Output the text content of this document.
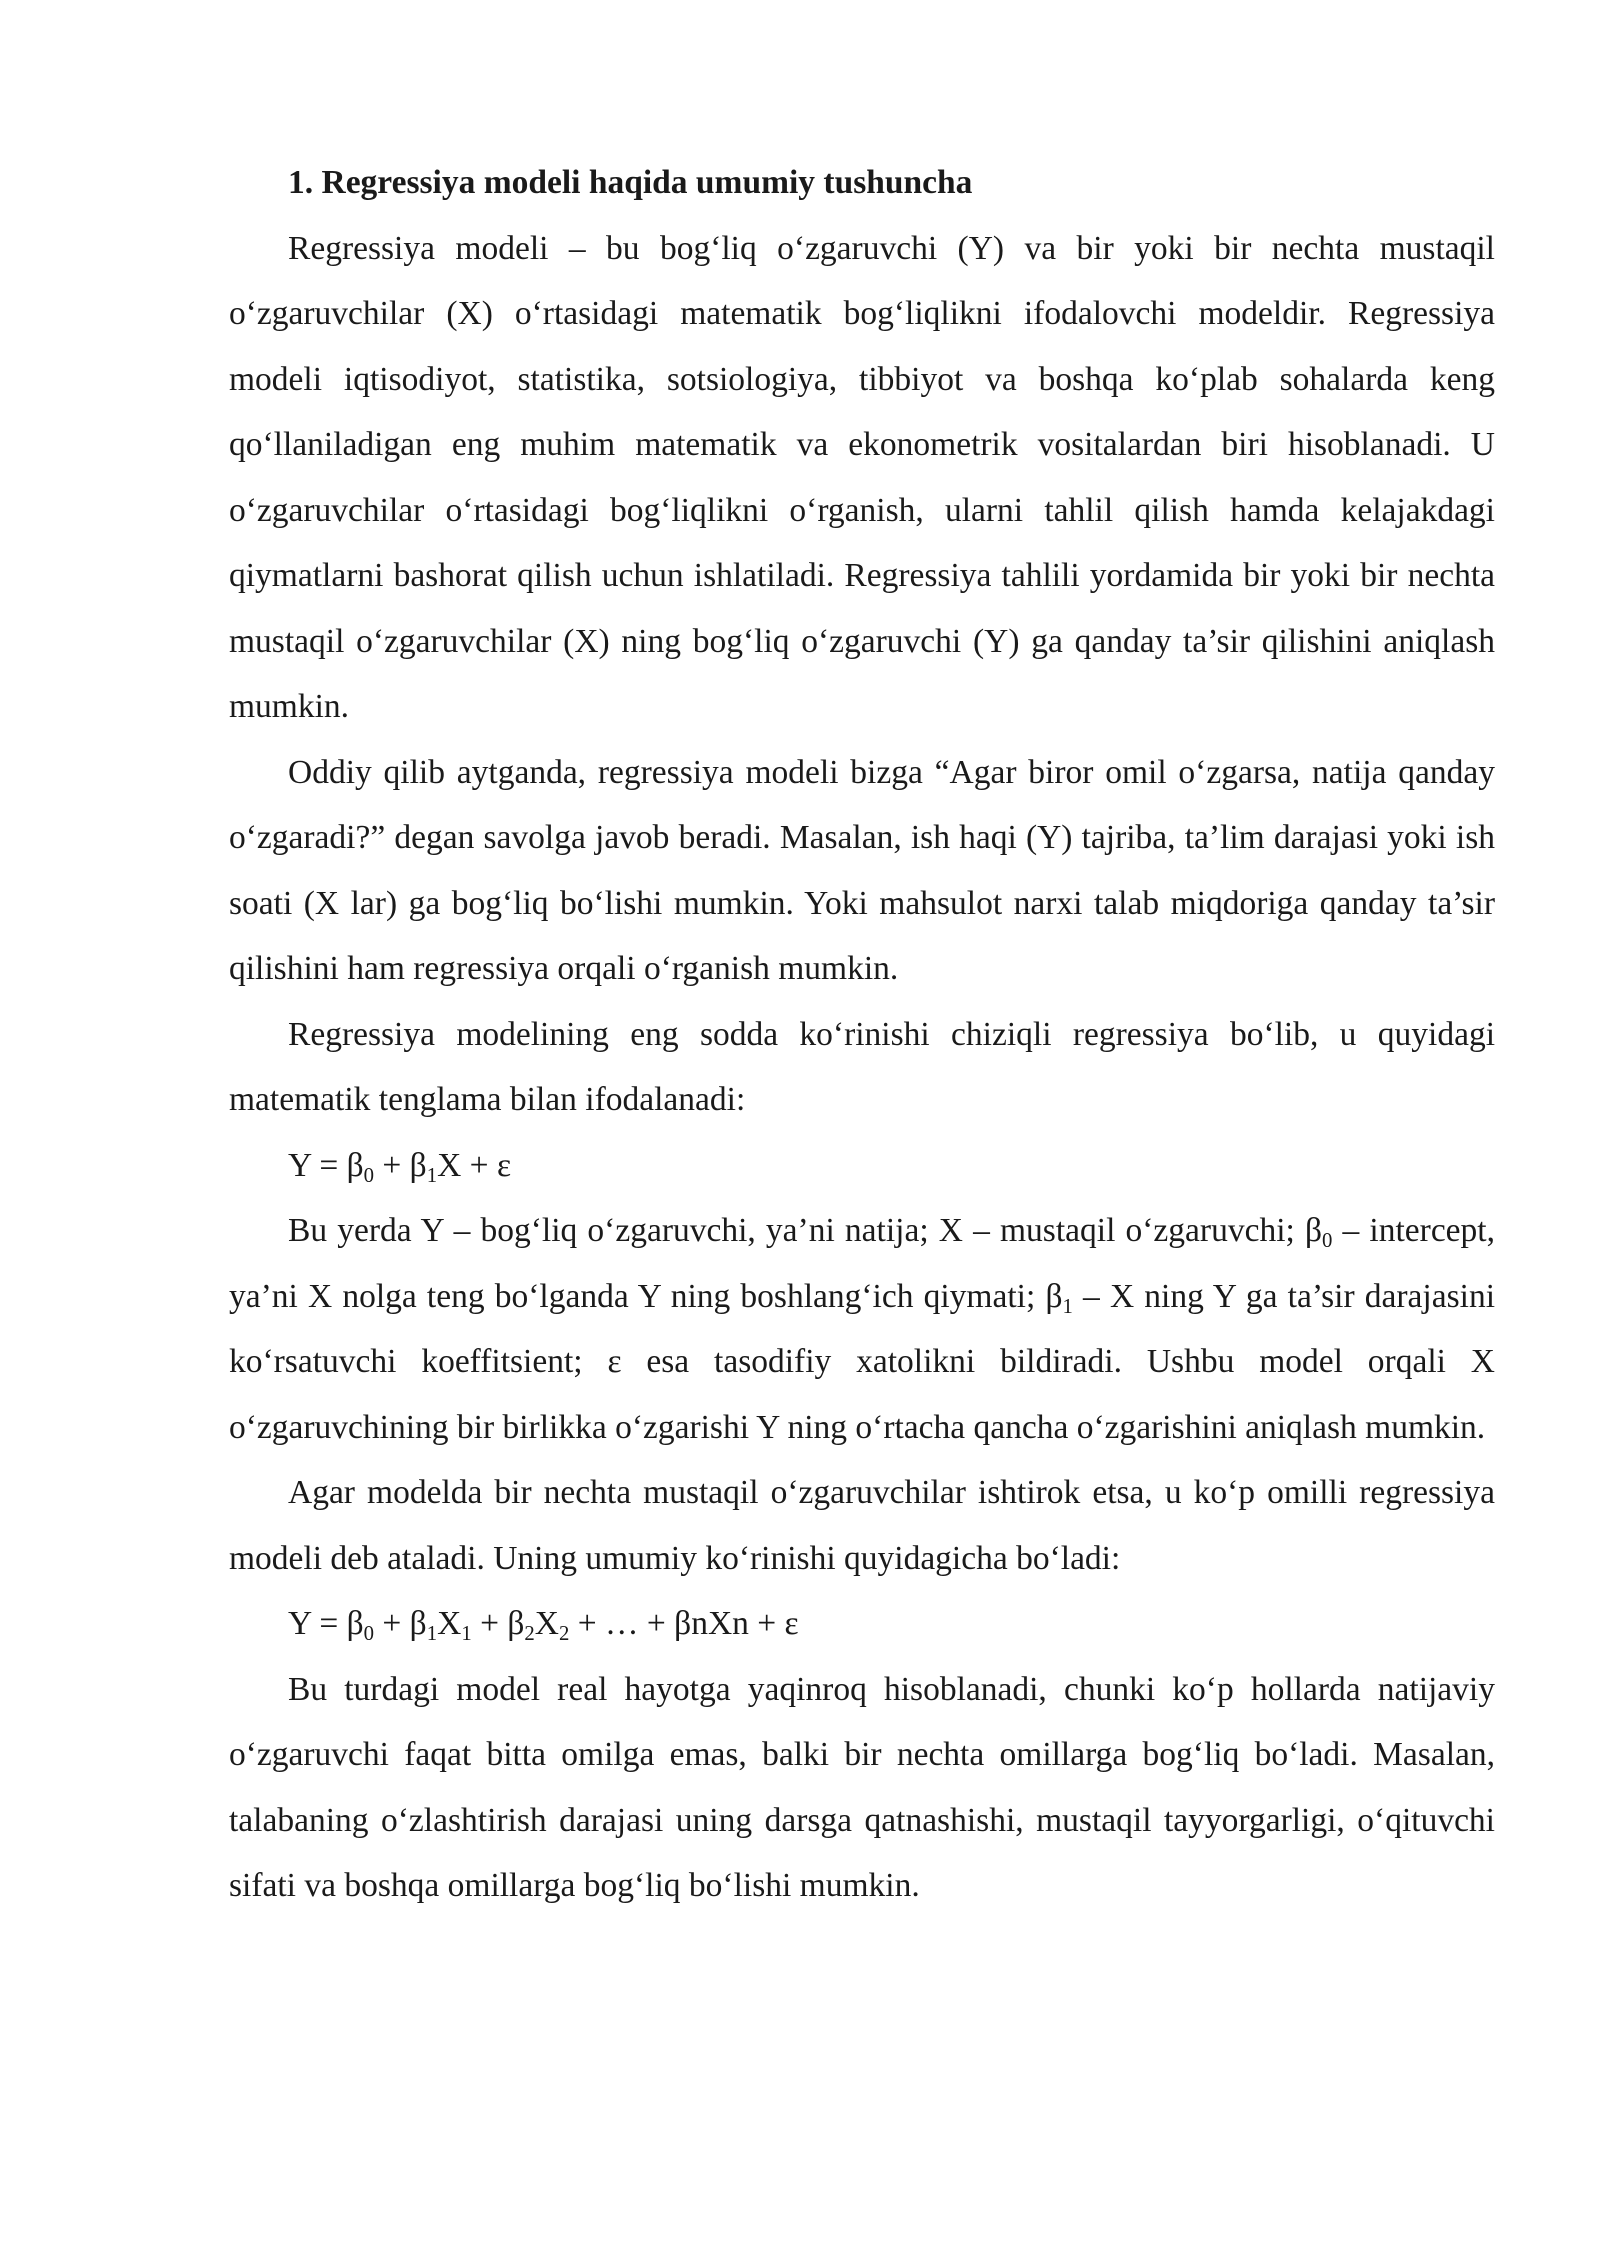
1. Regressiya modeli haqida umumiy tushuncha

Regressiya modeli – bu bog‘liq o‘zgaruvchi (Y) va bir yoki bir nechta mustaqil o‘zgaruvchilar (X) o‘rtasidagi matematik bog‘liqlikni ifodalovchi modeldir. Regressiya modeli iqtisodiyot, statistika, sotsiologiya, tibbiyot va boshqa ko‘plab sohalarda keng qo‘llaniladigan eng muhim matematik va ekonometrik vositalardan biri hisoblanadi. U o‘zgaruvchilar o‘rtasidagi bog‘liqlikni o‘rganish, ularni tahlil qilish hamda kelajakdagi qiymatlarni bashorat qilish uchun ishlatiladi. Regressiya tahlili yordamida bir yoki bir nechta mustaqil o‘zgaruvchilar (X) ning bog‘liq o‘zgaruvchi (Y) ga qanday ta’sir qilishini aniqlash mumkin.

Oddiy qilib aytganda, regressiya modeli bizga “Agar biror omil o‘zgarsa, natija qanday o‘zgaradi?” degan savolga javob beradi. Masalan, ish haqi (Y) tajriba, ta’lim darajasi yoki ish soati (X lar) ga bog‘liq bo‘lishi mumkin. Yoki mahsulot narxi talab miqdoriga qanday ta’sir qilishini ham regressiya orqali o‘rganish mumkin.

Regressiya modelining eng sodda ko‘rinishi chiziqli regressiya bo‘lib, u quyidagi matematik tenglama bilan ifodalanadi:

$Y = \beta_0 + \beta_1X + \varepsilon$

Bu yerda Y – bog‘liq o‘zgaruvchi, ya’ni natija; X – mustaqil o‘zgaruvchi; $\beta_0$ – intercept, ya’ni X nolga teng bo‘lganda Y ning boshlang‘ich qiymati; $\beta_1$ – X ning Y ga ta’sir darajasini ko‘rsatuvchi koeffitsient; ε esa tasodifiy xatolikni bildiradi. Ushbu model orqali X o‘zgaruvchining bir birlikka o‘zgarishi Y ning o‘rtacha qancha o‘zgarishini aniqlash mumkin.

Agar modelda bir nechta mustaqil o‘zgaruvchilar ishtirok etsa, u ko‘p omilli regressiya modeli deb ataladi. Uning umumiy ko‘rinishi quyidagicha bo‘ladi:

$Y = \beta_0 + \beta_1X_1 + \beta_2X_2$ + … + βnXn + ε

Bu turdagi model real hayotga yaqinroq hisoblanadi, chunki ko‘p hollarda natijaviy o‘zgaruvchi faqat bitta omilga emas, balki bir nechta omillarga bog‘liq bo‘ladi. Masalan, talabaning o‘zlashtirish darajasi uning darsga qatnashishi, mustaqil tayyorgarligi, o‘qituvchi sifati va boshqa omillarga bog‘liq bo‘lishi mumkin.
